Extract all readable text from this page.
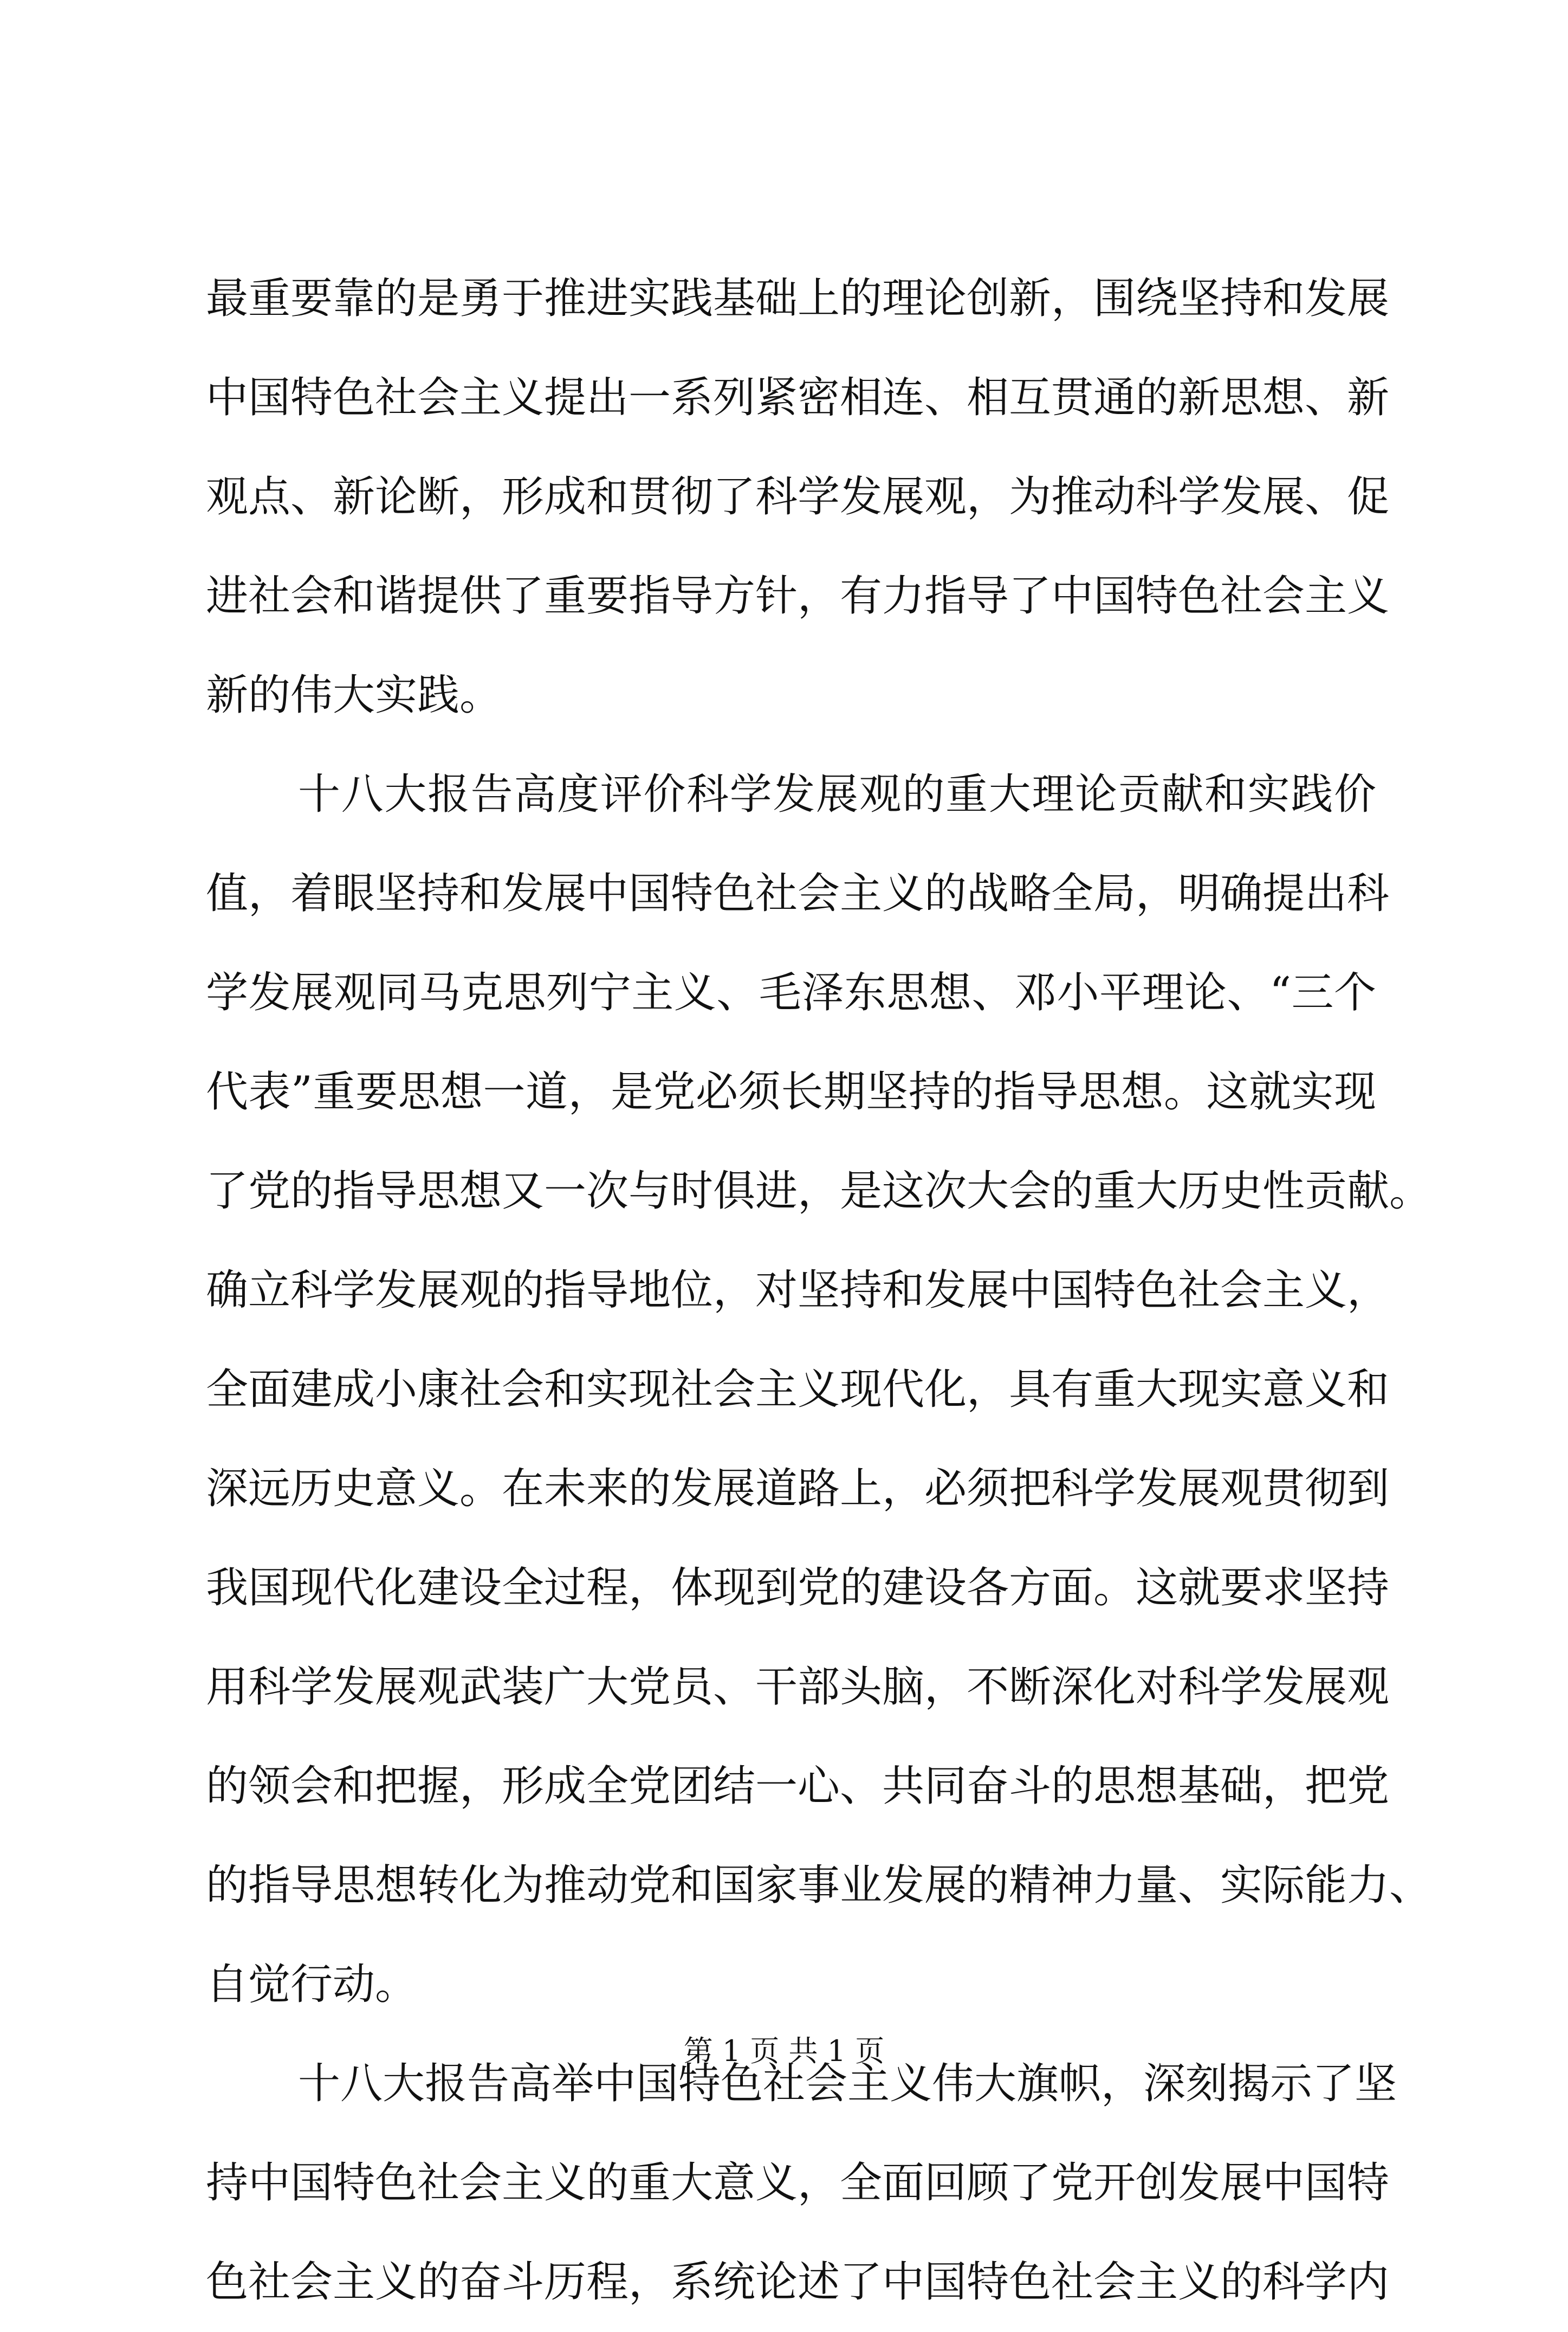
最重要靠的是勇于推进实践基础上的理论创新，围绕坚持和发展
中国特色社会主义提出一系列紧密相连、相互贯通的新思想、新
观点、新论断，形成和贯彻了科学发展观，为推动科学发展、促
进社会和谐提供了重要指导方针，有力指导了中国特色社会主义
新的伟大实践。
十八大报告高度评价科学发展观的重大理论贡献和实践价
值，着眼坚持和发展中国特色社会主义的战略全局，明确提出科
学发展观同马克思列宁主义、毛泽东思想、邓小平理论、“三个
代表”重要思想一道，是党必须长期坚持的指导思想。这就实现
了党的指导思想又一次与时俱进，是这次大会的重大历史性贡献。
确立科学发展观的指导地位，对坚持和发展中国特色社会主义，
全面建成小康社会和实现社会主义现代化，具有重大现实意义和
深远历史意义。在未来的发展道路上，必须把科学发展观贯彻到
我国现代化建设全过程，体现到党的建设各方面。这就要求坚持
用科学发展观武装广大党员、干部头脑，不断深化对科学发展观
的领会和把握，形成全党团结一心、共同奋斗的思想基础，把党
的指导思想转化为推动党和国家事业发展的精神力量、实际能力、
自觉行动。
十八大报告高举中国特色社会主义伟大旗帜，深刻揭示了坚
持中国特色社会主义的重大意义，全面回顾了党开创发展中国特
色社会主义的奋斗历程，系统论述了中国特色社会主义的科学内
第 1 页 共 1 页
